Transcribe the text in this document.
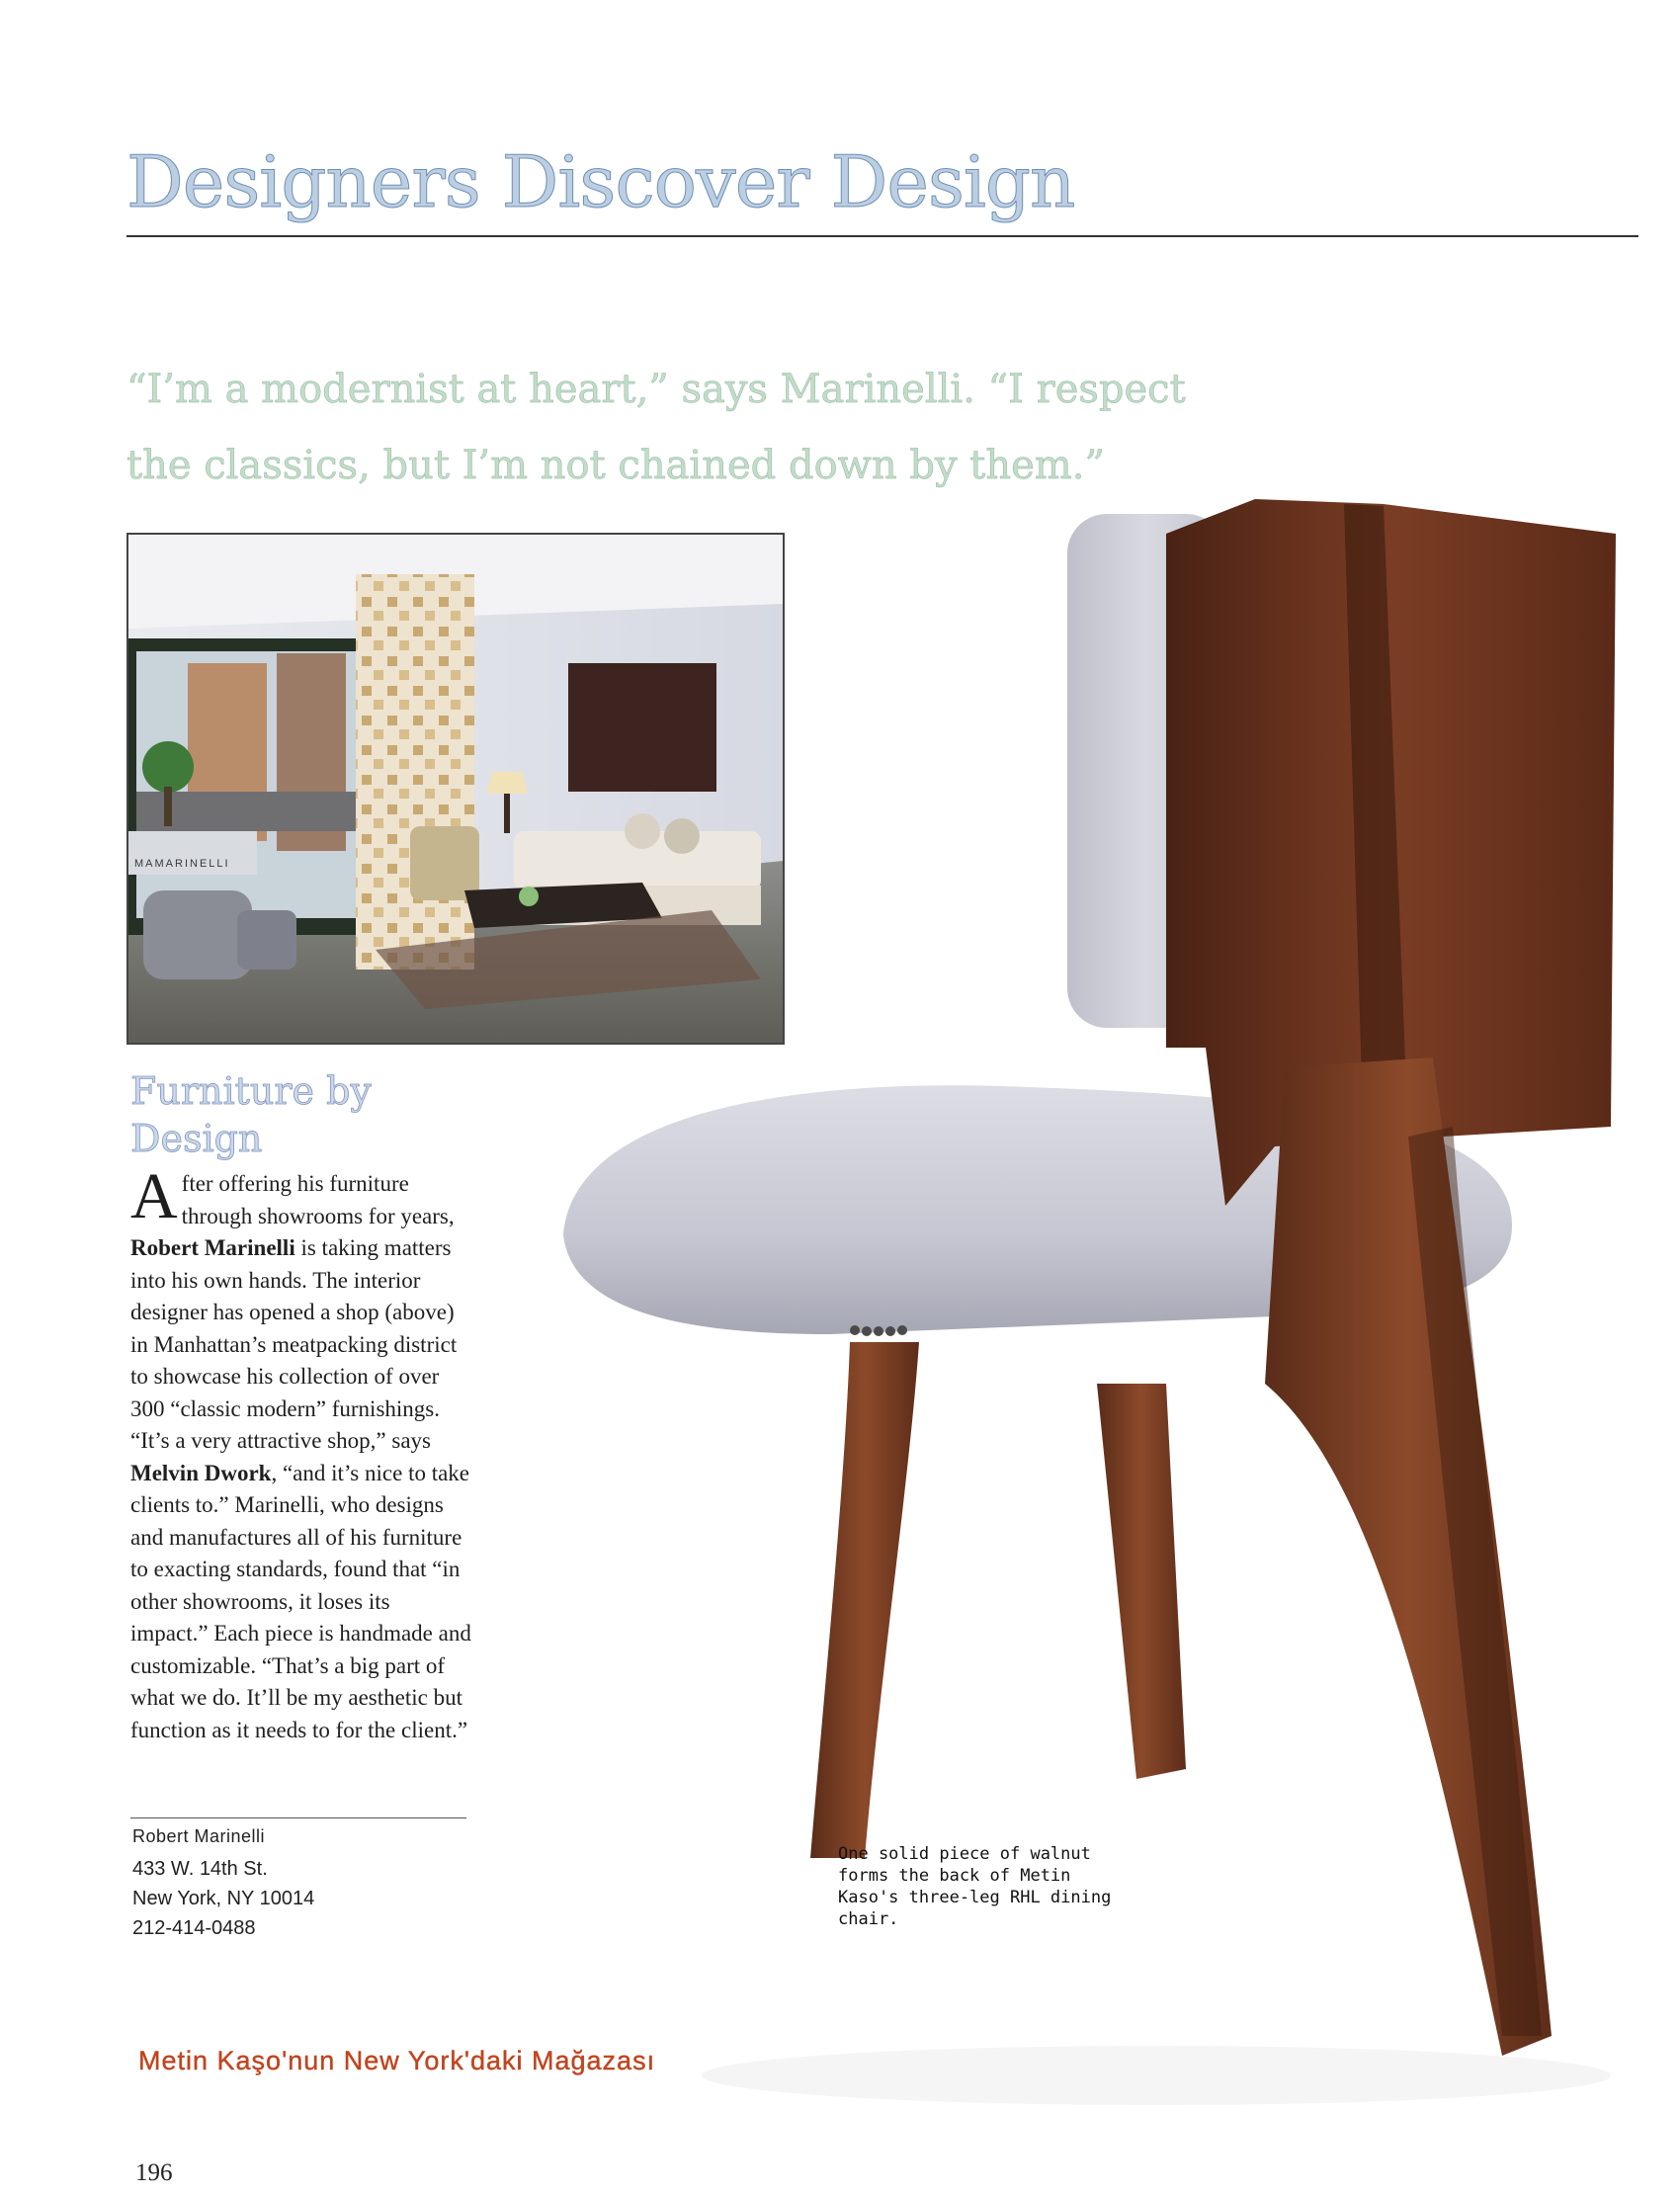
Designers Discover Design

“I’m a modernist at heart,” says Marinelli. “I respect the classics, but I’m not chained down by them.”

MAMARINELLI
Furniture by
Design

After offering his furniture through showrooms for years, Robert Marinelli is taking matters into his own hands. The interior designer has opened a shop (above) in Manhattan’s meatpacking district to showcase his collection of over 300 “classic modern” furnishings. “It’s a very attractive shop,” says Melvin Dwork, “and it’s nice to take clients to.” Marinelli, who designs and manufactures all of his furniture to exacting standards, found that “in other showrooms, it loses its impact.” Each piece is handmade and customizable. “That’s a big part of what we do. It’ll be my aesthetic but function as it needs to for the client.”

Robert Marinelli
433 W. 14th St.
New York, NY 10014
212-414-0488

One solid piece of walnut forms the back of Metin Kaso's three-leg RHL dining chair.

Metin Kaşo'nun New York'daki Mağazası
196
